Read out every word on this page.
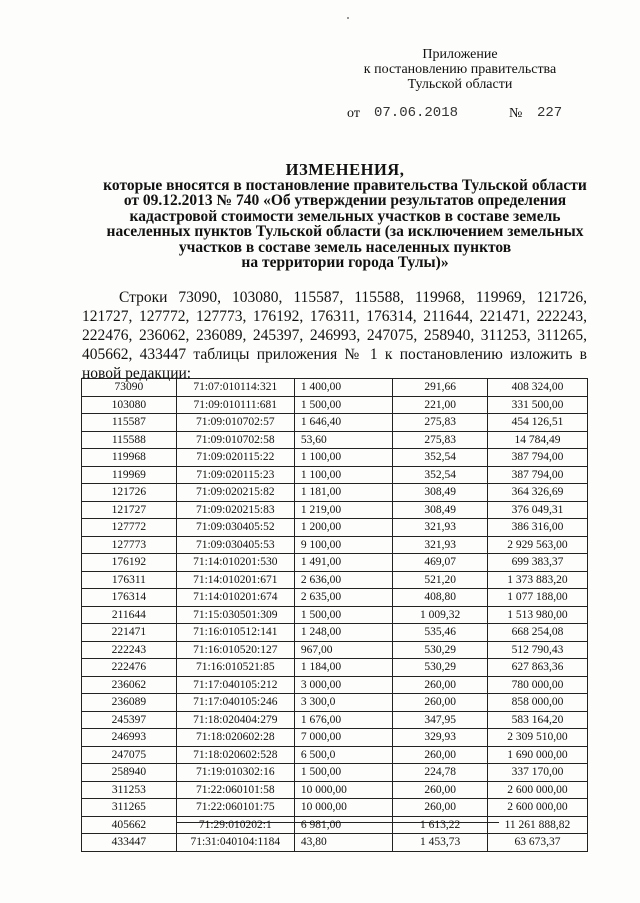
Приложение
к постановлению правительства
Тульской области
от 07.06.2018	№ 227
ИЗМЕНЕНИЯ,
которые вносятся в постановление правительства Тульской области
от 09.12.2013 № 740 «Об утверждении результатов определения
кадастровой стоимости земельных участков в составе земель
населенных пунктов Тульской области (за исключением земельных
участков в составе земель населенных пунктов
на территории города Тулы)»
Строки 73090, 103080, 115587, 115588, 119968, 119969, 121726, 121727, 127772, 127773, 176192, 176311, 176314, 211644, 221471, 222243, 222476, 236062, 236089, 245397, 246993, 247075, 258940, 311253, 311265, 405662, 433447 таблицы приложения № 1 к постановлению изложить в новой редакции:
73090	71:07:010114:321	1 400,00	291,66	408 324,00
103080	71:09:010111:681	1 500,00	221,00	331 500,00
115587	71:09:010702:57	1 646,40	275,83	454 126,51
115588	71:09:010702:58	53,60	275,83	14 784,49
119968	71:09:020115:22	1 100,00	352,54	387 794,00
119969	71:09:020115:23	1 100,00	352,54	387 794,00
121726	71:09:020215:82	1 181,00	308,49	364 326,69
121727	71:09:020215:83	1 219,00	308,49	376 049,31
127772	71:09:030405:52	1 200,00	321,93	386 316,00
127773	71:09:030405:53	9 100,00	321,93	2 929 563,00
176192	71:14:010201:530	1 491,00	469,07	699 383,37
176311	71:14:010201:671	2 636,00	521,20	1 373 883,20
176314	71:14:010201:674	2 635,00	408,80	1 077 188,00
211644	71:15:030501:309	1 500,00	1 009,32	1 513 980,00
221471	71:16:010512:141	1 248,00	535,46	668 254,08
222243	71:16:010520:127	967,00	530,29	512 790,43
222476	71:16:010521:85	1 184,00	530,29	627 863,36
236062	71:17:040105:212	3 000,00	260,00	780 000,00
236089	71:17:040105:246	3 300,0	260,00	858 000,00
245397	71:18:020404:279	1 676,00	347,95	583 164,20
246993	71:18:020602:28	7 000,00	329,93	2 309 510,00
247075	71:18:020602:528	6 500,0	260,00	1 690 000,00
258940	71:19:010302:16	1 500,00	224,78	337 170,00
311253	71:22:060101:58	10 000,00	260,00	2 600 000,00
311265	71:22:060101:75	10 000,00	260,00	2 600 000,00
405662	71:29:010202:1	6 981,00	1 613,22	11 261 888,82
433447	71:31:040104:1184	43,80	1 453,73	63 673,37
